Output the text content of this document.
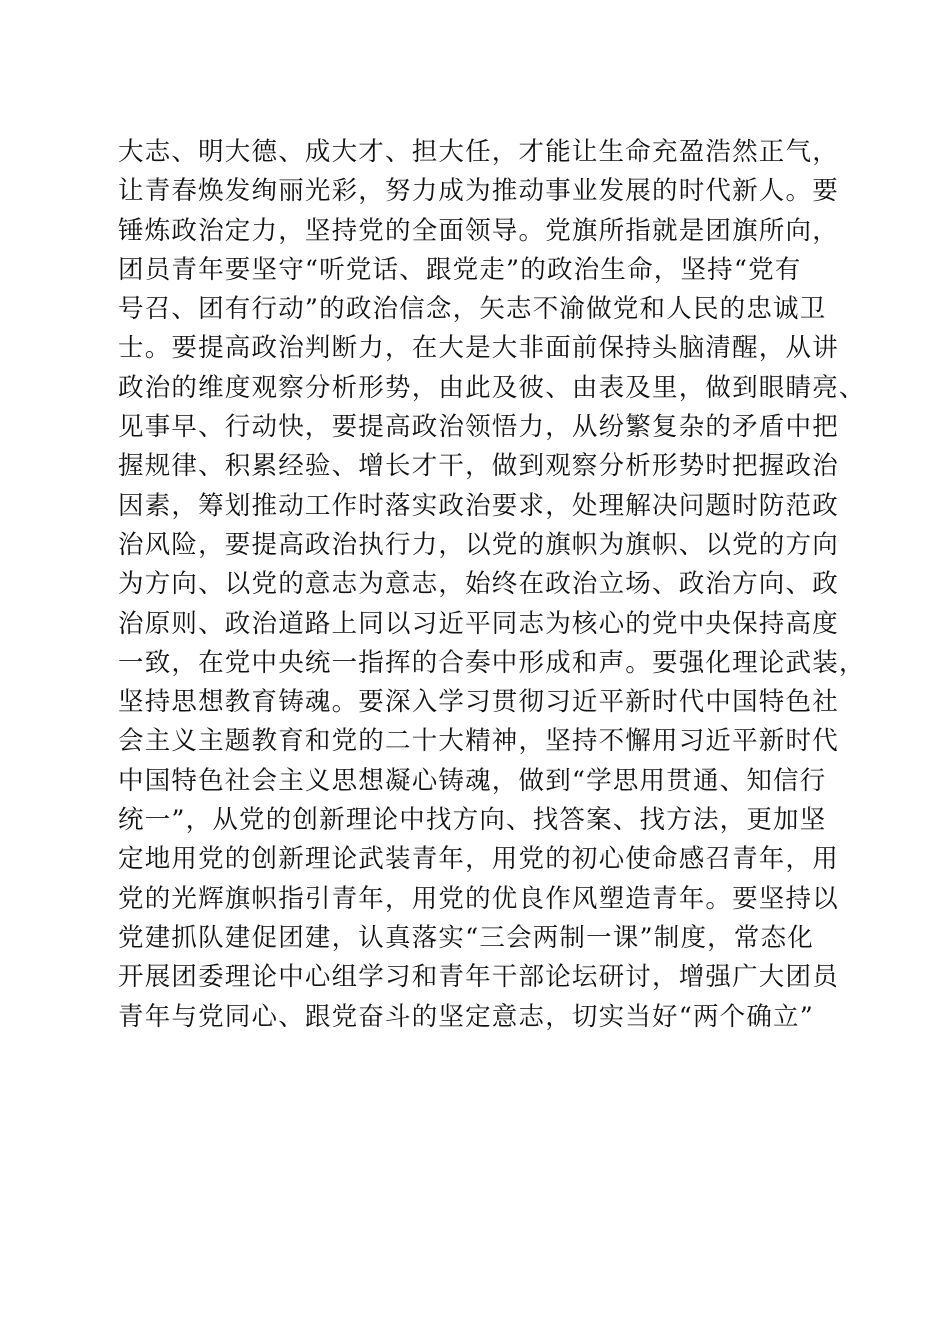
大志、明大德、成大才、担大任，才能让生命充盈浩然正气，
让青春焕发绚丽光彩，努力成为推动事业发展的时代新人。要
锤炼政治定力，坚持党的全面领导。党旗所指就是团旗所向，
团员青年要坚守“听党话、跟党走”的政治生命，坚持“党有
号召、团有行动”的政治信念，矢志不渝做党和人民的忠诚卫
士。要提高政治判断力，在大是大非面前保持头脑清醒，从讲
政治的维度观察分析形势，由此及彼、由表及里，做到眼睛亮、
见事早、行动快，要提高政治领悟力，从纷繁复杂的矛盾中把
握规律、积累经验、增长才干，做到观察分析形势时把握政治
因素，筹划推动工作时落实政治要求，处理解决问题时防范政
治风险，要提高政治执行力，以党的旗帜为旗帜、以党的方向
为方向、以党的意志为意志，始终在政治立场、政治方向、政
治原则、政治道路上同以习近平同志为核心的党中央保持高度
一致，在党中央统一指挥的合奏中形成和声。要强化理论武装，
坚持思想教育铸魂。要深入学习贯彻习近平新时代中国特色社
会主义主题教育和党的二十大精神，坚持不懈用习近平新时代
中国特色社会主义思想凝心铸魂，做到“学思用贯通、知信行
统一”，从党的创新理论中找方向、找答案、找方法，更加坚
定地用党的创新理论武装青年，用党的初心使命感召青年，用
党的光辉旗帜指引青年，用党的优良作风塑造青年。要坚持以
党建抓队建促团建，认真落实“三会两制一课”制度，常态化
开展团委理论中心组学习和青年干部论坛研讨，增强广大团员
青年与党同心、跟党奋斗的坚定意志，切实当好“两个确立”
